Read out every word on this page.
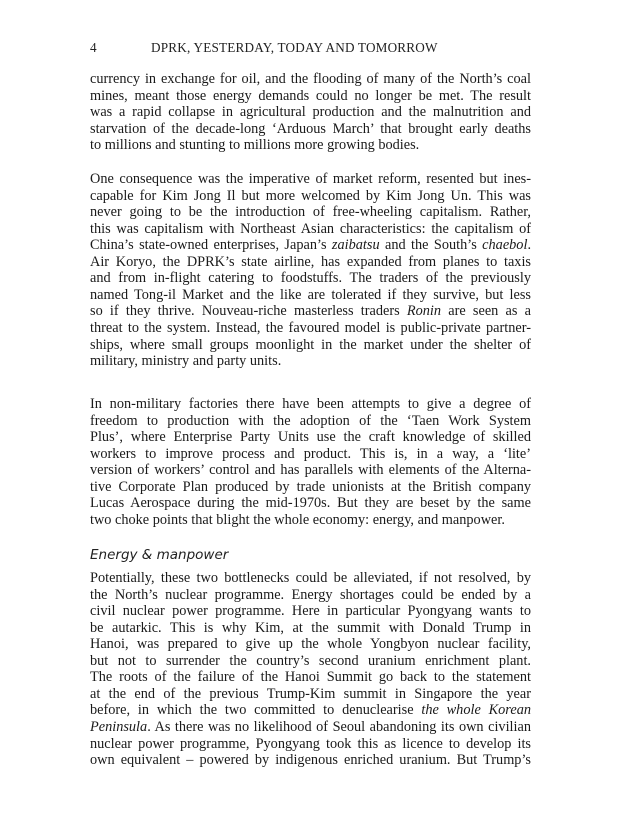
4	DPRK, YESTERDAY, TODAY AND TOMORROW
currency in exchange for oil, and the flooding of many of the North’s coal
mines, meant those energy demands could no longer be met. The result
was a rapid collapse in agricultural production and the malnutrition and
starvation of the decade-long ‘Arduous March’ that brought early deaths
to millions and stunting to millions more growing bodies.
One consequence was the imperative of market reform, resented but ines-
capable for Kim Jong Il but more welcomed by Kim Jong Un. This was
never going to be the introduction of free-wheeling capitalism. Rather,
this was capitalism with Northeast Asian characteristics: the capitalism of
China’s state-owned enterprises, Japan’s zaibatsu and the South’s chaebol.
Air Koryo, the DPRK’s state airline, has expanded from planes to taxis
and from in-flight catering to foodstuffs. The traders of the previously
named Tong-il Market and the like are tolerated if they survive, but less
so if they thrive. Nouveau-riche masterless traders Ronin are seen as a
threat to the system. Instead, the favoured model is public-private partner-
ships, where small groups moonlight in the market under the shelter of
military, ministry and party units.
In non-military factories there have been attempts to give a degree of
freedom to production with the adoption of the ‘Taen Work System
Plus’, where Enterprise Party Units use the craft knowledge of skilled
workers to improve process and product. This is, in a way, a ‘lite’
version of workers’ control and has parallels with elements of the Alterna-
tive Corporate Plan produced by trade unionists at the British company
Lucas Aerospace during the mid-1970s. But they are beset by the same
two choke points that blight the whole economy: energy, and manpower.
Potentially, these two bottlenecks could be alleviated, if not resolved, by
the North’s nuclear programme. Energy shortages could be ended by a
civil nuclear power programme. Here in particular Pyongyang wants to
be autarkic. This is why Kim, at the summit with Donald Trump in
Hanoi, was prepared to give up the whole Yongbyon nuclear facility,
but not to surrender the country’s second uranium enrichment plant.
The roots of the failure of the Hanoi Summit go back to the statement
at the end of the previous Trump-Kim summit in Singapore the year
before, in which the two committed to denuclearise the whole Korean
Peninsula. As there was no likelihood of Seoul abandoning its own civilian
nuclear power programme, Pyongyang took this as licence to develop its
own equivalent – powered by indigenous enriched uranium. But Trump’s
Energy & manpower
